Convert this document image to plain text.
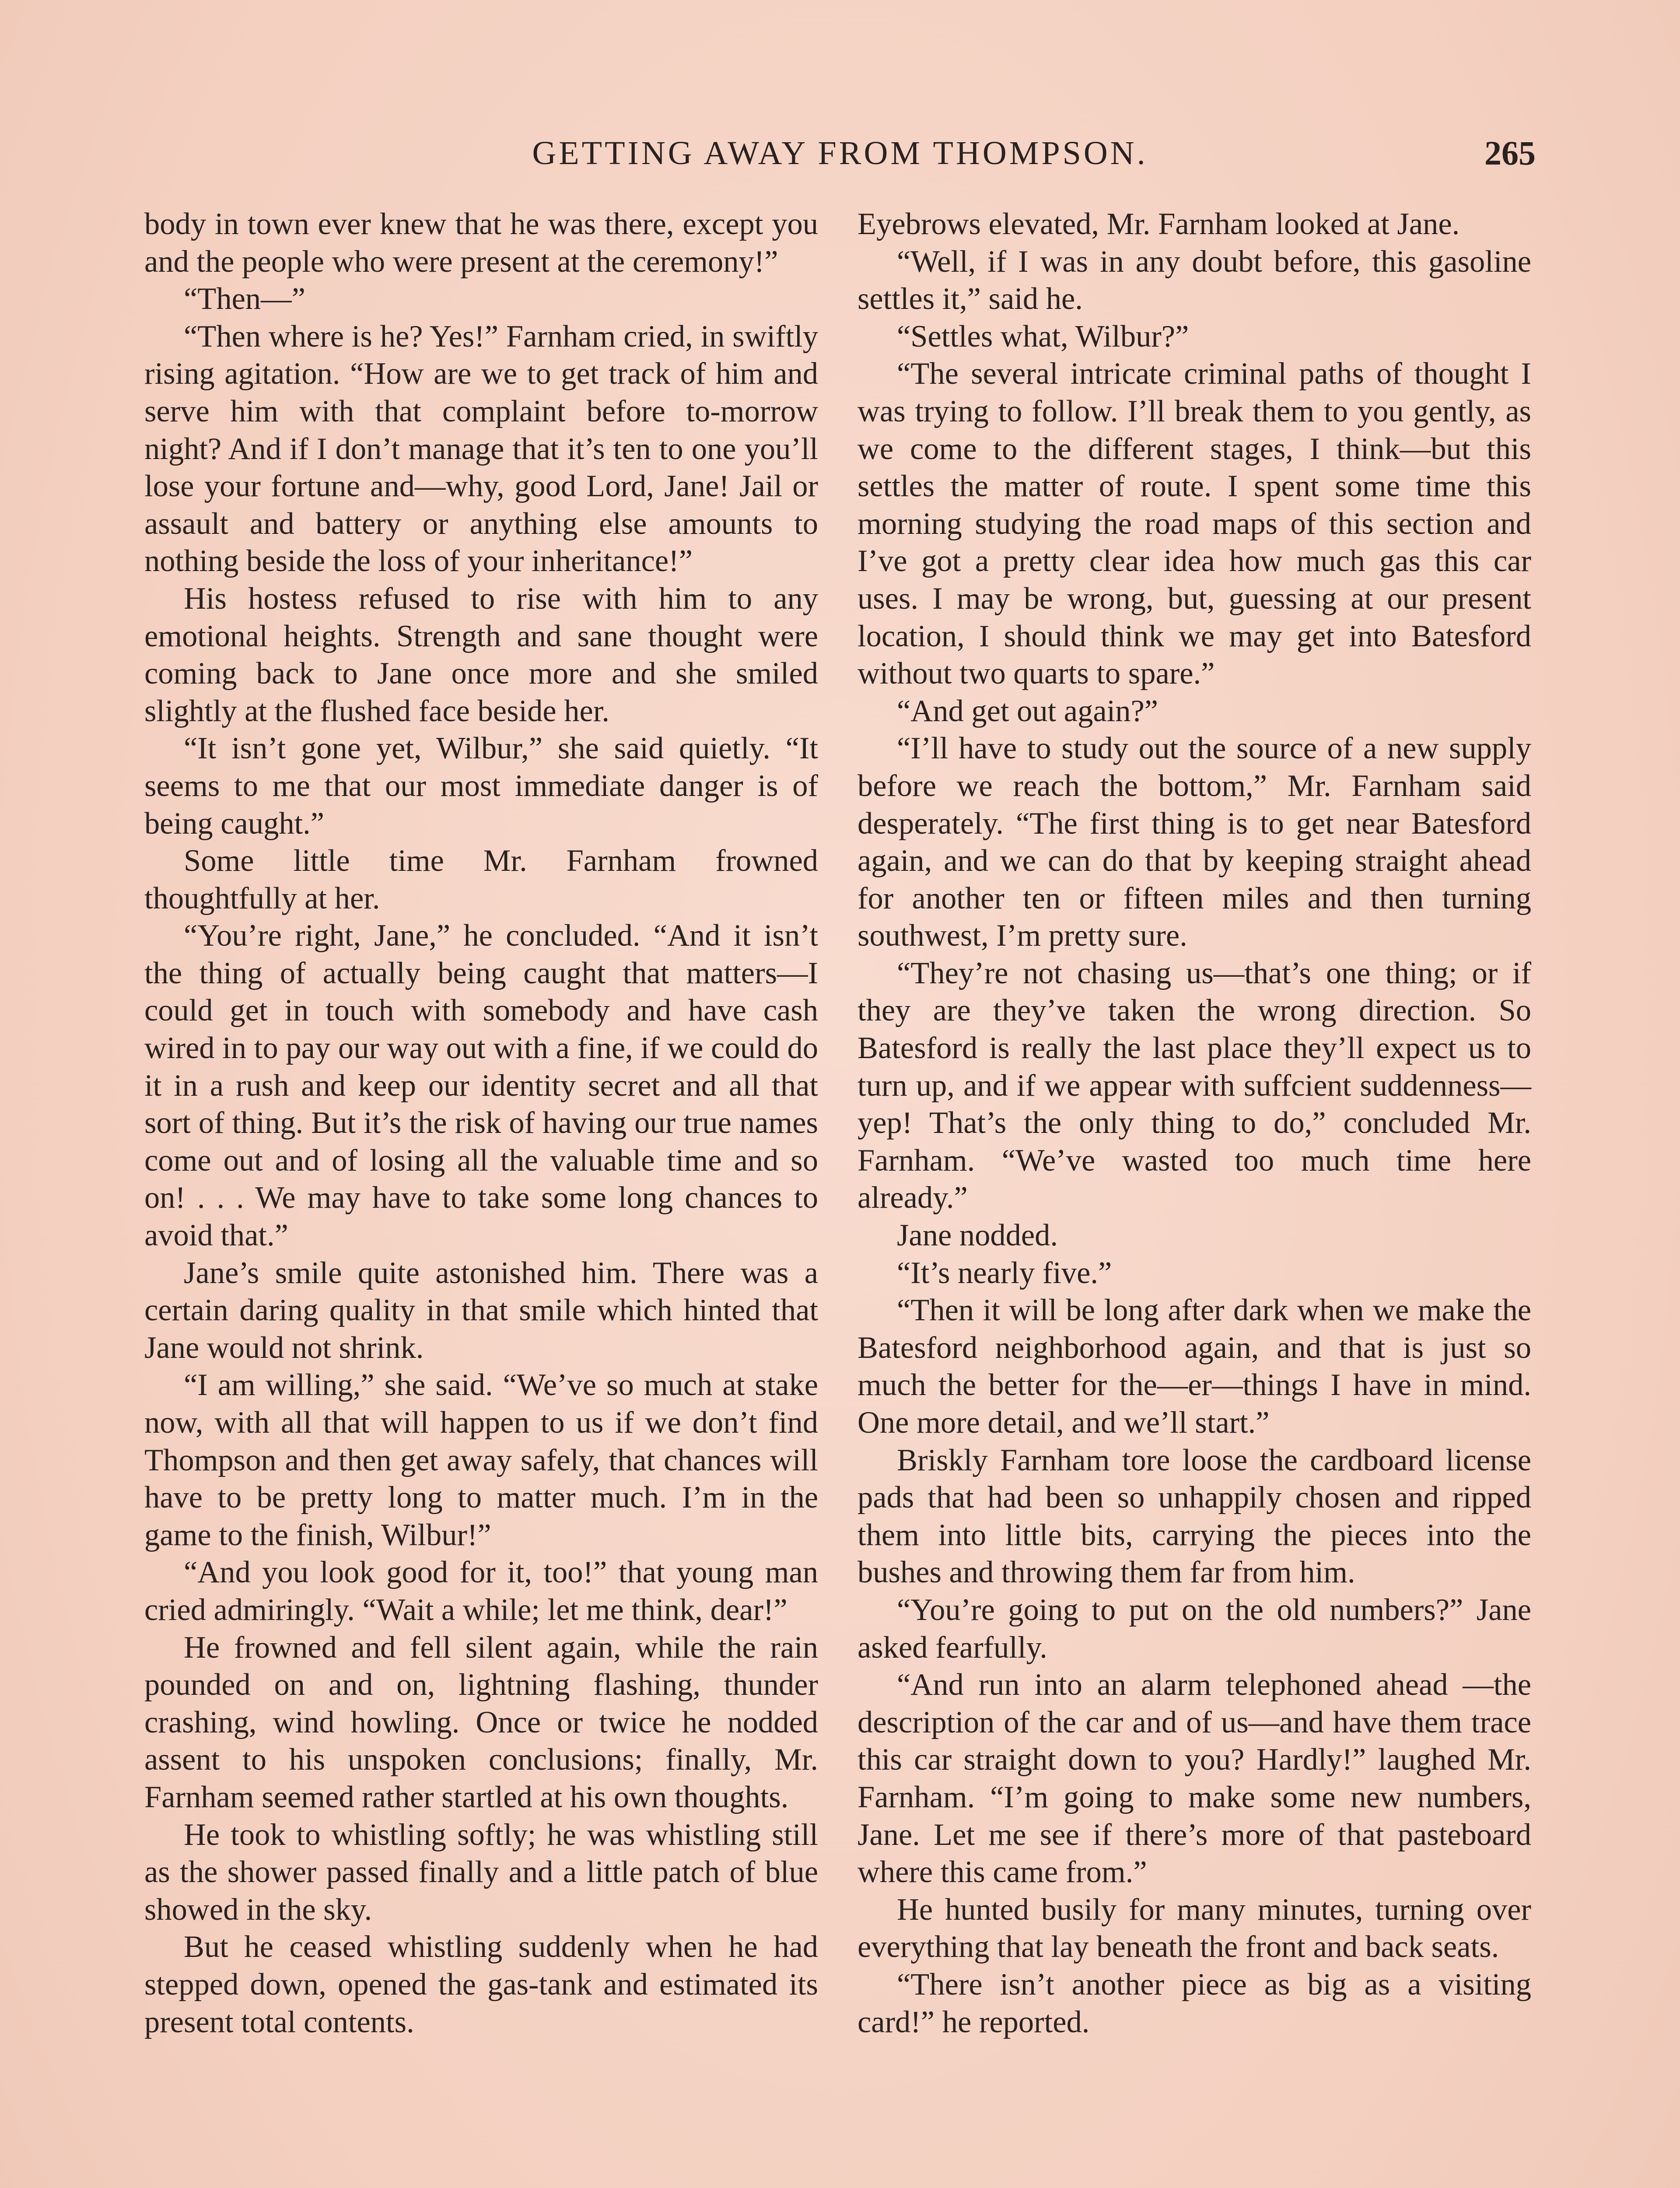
GETTING AWAY FROM THOMPSON.	265

body in town ever knew that he was there, except you and the people who were present at the ceremony!”

“Then—”

“Then where is he? Yes!” Farnham cried, in swiftly rising agitation. “How are we to get track of him and serve him with that complaint before to-morrow night? And if I don’t manage that it’s ten to one you’ll lose your fortune and—why, good Lord, Jane! Jail or assault and battery or anything else amounts to nothing beside the loss of your inheritance!”

His hostess refused to rise with him to any emotional heights. Strength and sane thought were coming back to Jane once more and she smiled slightly at the flushed face beside her.

“It isn’t gone yet, Wilbur,” she said quietly. “It seems to me that our most immediate danger is of being caught.”

Some little time Mr. Farnham frowned thoughtfully at her.

“You’re right, Jane,” he concluded. “And it isn’t the thing of actually being caught that matters—I could get in touch with somebody and have cash wired in to pay our way out with a fine, if we could do it in a rush and keep our identity secret and all that sort of thing. But it’s the risk of having our true names come out and of losing all the valuable time and so on! . . . We may have to take some long chances to avoid that.”

Jane’s smile quite astonished him. There was a certain daring quality in that smile which hinted that Jane would not shrink.

“I am willing,” she said. “We’ve so much at stake now, with all that will happen to us if we don’t find Thompson and then get away safely, that chances will have to be pretty long to matter much. I’m in the game to the finish, Wilbur!”

“And you look good for it, too!” that young man cried admiringly. “Wait a while; let me think, dear!”

He frowned and fell silent again, while the rain pounded on and on, lightning flashing, thunder crashing, wind howling. Once or twice he nodded assent to his unspoken conclusions; finally, Mr. Farnham seemed rather startled at his own thoughts.

He took to whistling softly; he was whistling still as the shower passed finally and a little patch of blue showed in the sky.

But he ceased whistling suddenly when he had stepped down, opened the gas-tank and estimated its present total contents.

Eyebrows elevated, Mr. Farnham looked at Jane.

“Well, if I was in any doubt before, this gasoline settles it,” said he.

“Settles what, Wilbur?”

“The several intricate criminal paths of thought I was trying to follow. I’ll break them to you gently, as we come to the different stages, I think—but this settles the matter of route. I spent some time this morning studying the road maps of this section and I’ve got a pretty clear idea how much gas this car uses. I may be wrong, but, guessing at our present location, I should think we may get into Batesford without two quarts to spare.”

“And get out again?”

“I’ll have to study out the source of a new supply before we reach the bottom,” Mr. Farnham said desperately. “The first thing is to get near Batesford again, and we can do that by keeping straight ahead for another ten or fifteen miles and then turning southwest, I’m pretty sure.

“They’re not chasing us—that’s one thing; or if they are they’ve taken the wrong direction. So Batesford is really the last place they’ll expect us to turn up, and if we appear with suffcient suddenness—yep! That’s the only thing to do,” concluded Mr. Farnham. “We’ve wasted too much time here already.”

Jane nodded.

“It’s nearly five.”

“Then it will be long after dark when we make the Batesford neighborhood again, and that is just so much the better for the—er—things I have in mind. One more detail, and we’ll start.”

Briskly Farnham tore loose the cardboard license pads that had been so unhappily chosen and ripped them into little bits, carrying the pieces into the bushes and throwing them far from him.

“You’re going to put on the old numbers?” Jane asked fearfully.

“And run into an alarm telephoned ahead —the description of the car and of us—and have them trace this car straight down to you? Hardly!” laughed Mr. Farnham. “I’m going to make some new numbers, Jane. Let me see if there’s more of that pasteboard where this came from.”

He hunted busily for many minutes, turning over everything that lay beneath the front and back seats.

“There isn’t another piece as big as a visiting card!” he reported.
